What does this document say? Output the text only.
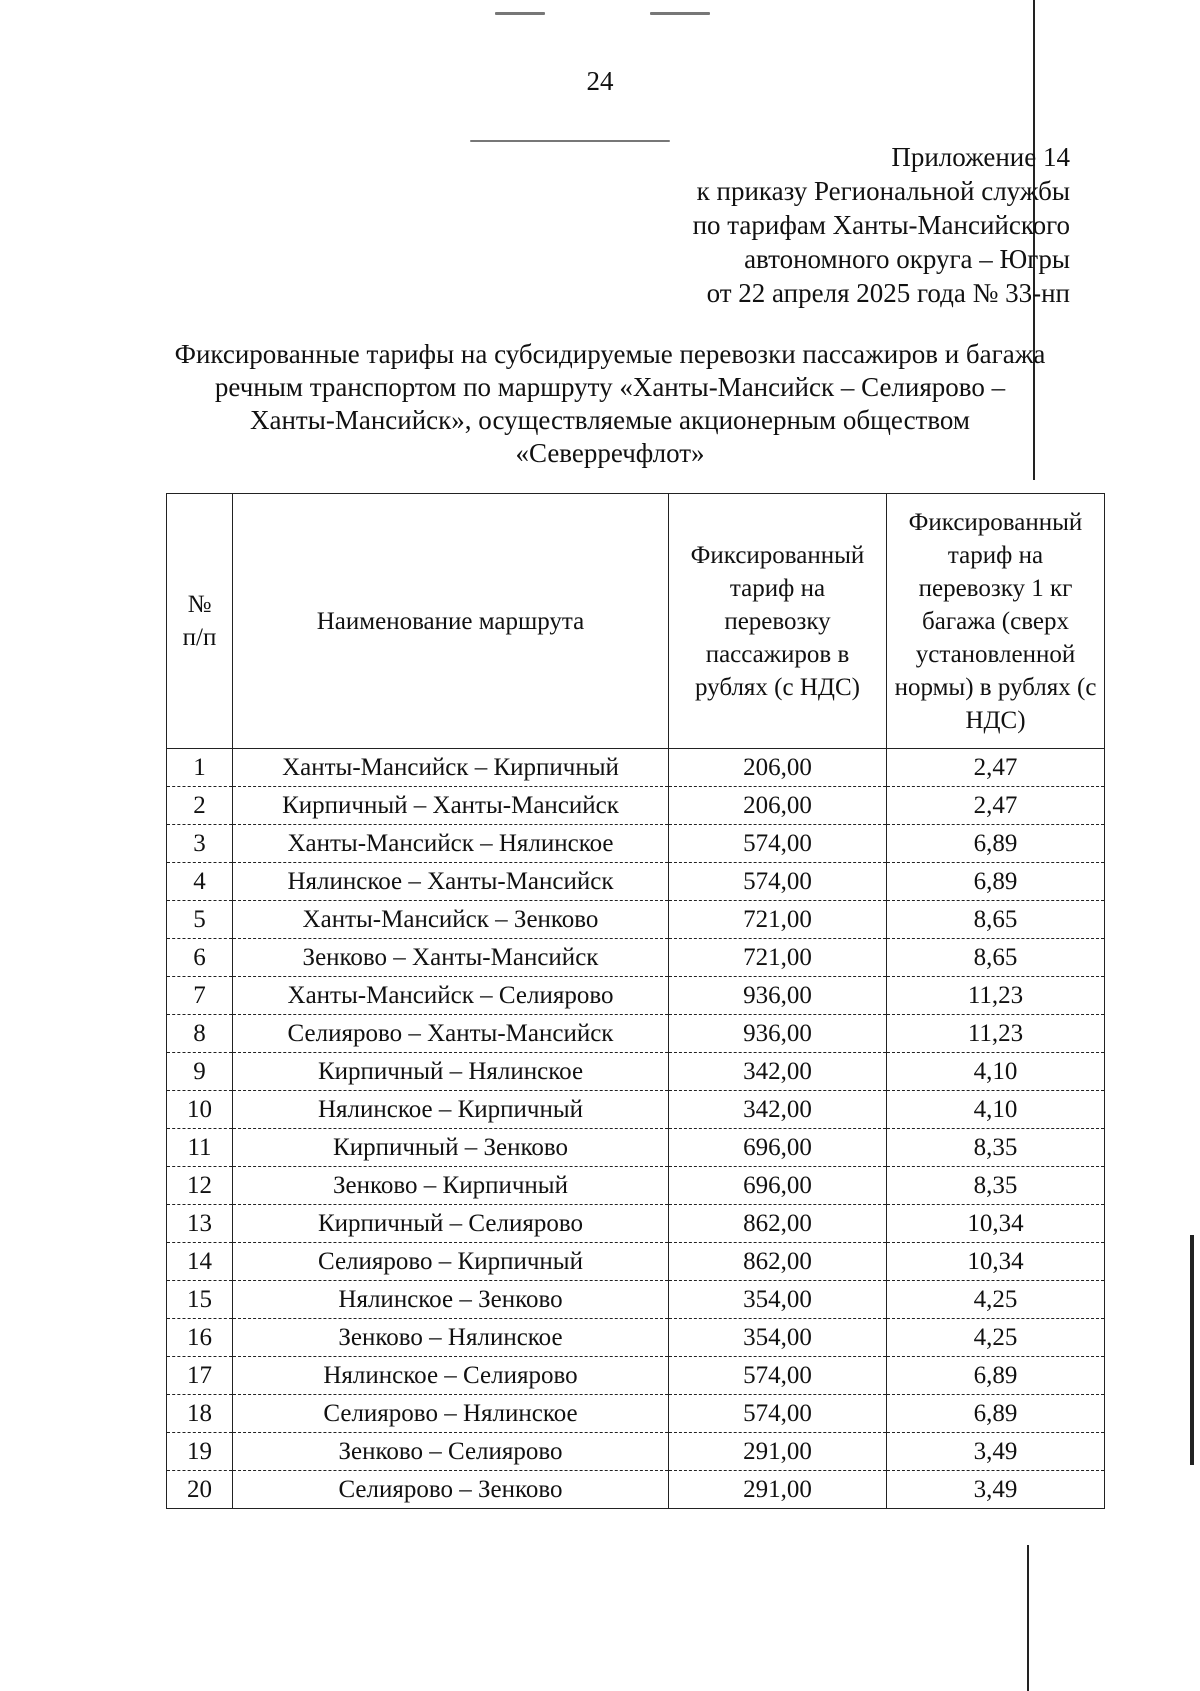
24
Приложение 14
к приказу Региональной службы
по тарифам Ханты-Мансийского
автономного округа – Югры
от 22 апреля 2025 года № 33-нп
Фиксированные тарифы на субсидируемые перевозки пассажиров и багажа
речным транспортом по маршруту «Ханты-Мансийск – Селиярово –
Ханты-Мансийск», осуществляемые акционерным обществом
«Северречфлот»
№ п/п	Наименование маршрута	Фиксированный тариф на перевозку пассажиров в рублях (с НДС)	Фиксированный тариф на перевозку 1 кг багажа (сверх установленной нормы) в рублях (с НДС)
1	Ханты-Мансийск – Кирпичный	206,00	2,47
2	Кирпичный – Ханты-Мансийск	206,00	2,47
3	Ханты-Мансийск – Нялинское	574,00	6,89
4	Нялинское – Ханты-Мансийск	574,00	6,89
5	Ханты-Мансийск – Зенково	721,00	8,65
6	Зенково – Ханты-Мансийск	721,00	8,65
7	Ханты-Мансийск – Селиярово	936,00	11,23
8	Селиярово – Ханты-Мансийск	936,00	11,23
9	Кирпичный – Нялинское	342,00	4,10
10	Нялинское – Кирпичный	342,00	4,10
11	Кирпичный – Зенково	696,00	8,35
12	Зенково – Кирпичный	696,00	8,35
13	Кирпичный – Селиярово	862,00	10,34
14	Селиярово – Кирпичный	862,00	10,34
15	Нялинское – Зенково	354,00	4,25
16	Зенково – Нялинское	354,00	4,25
17	Нялинское – Селиярово	574,00	6,89
18	Селиярово – Нялинское	574,00	6,89
19	Зенково – Селиярово	291,00	3,49
20	Селиярово – Зенково	291,00	3,49
